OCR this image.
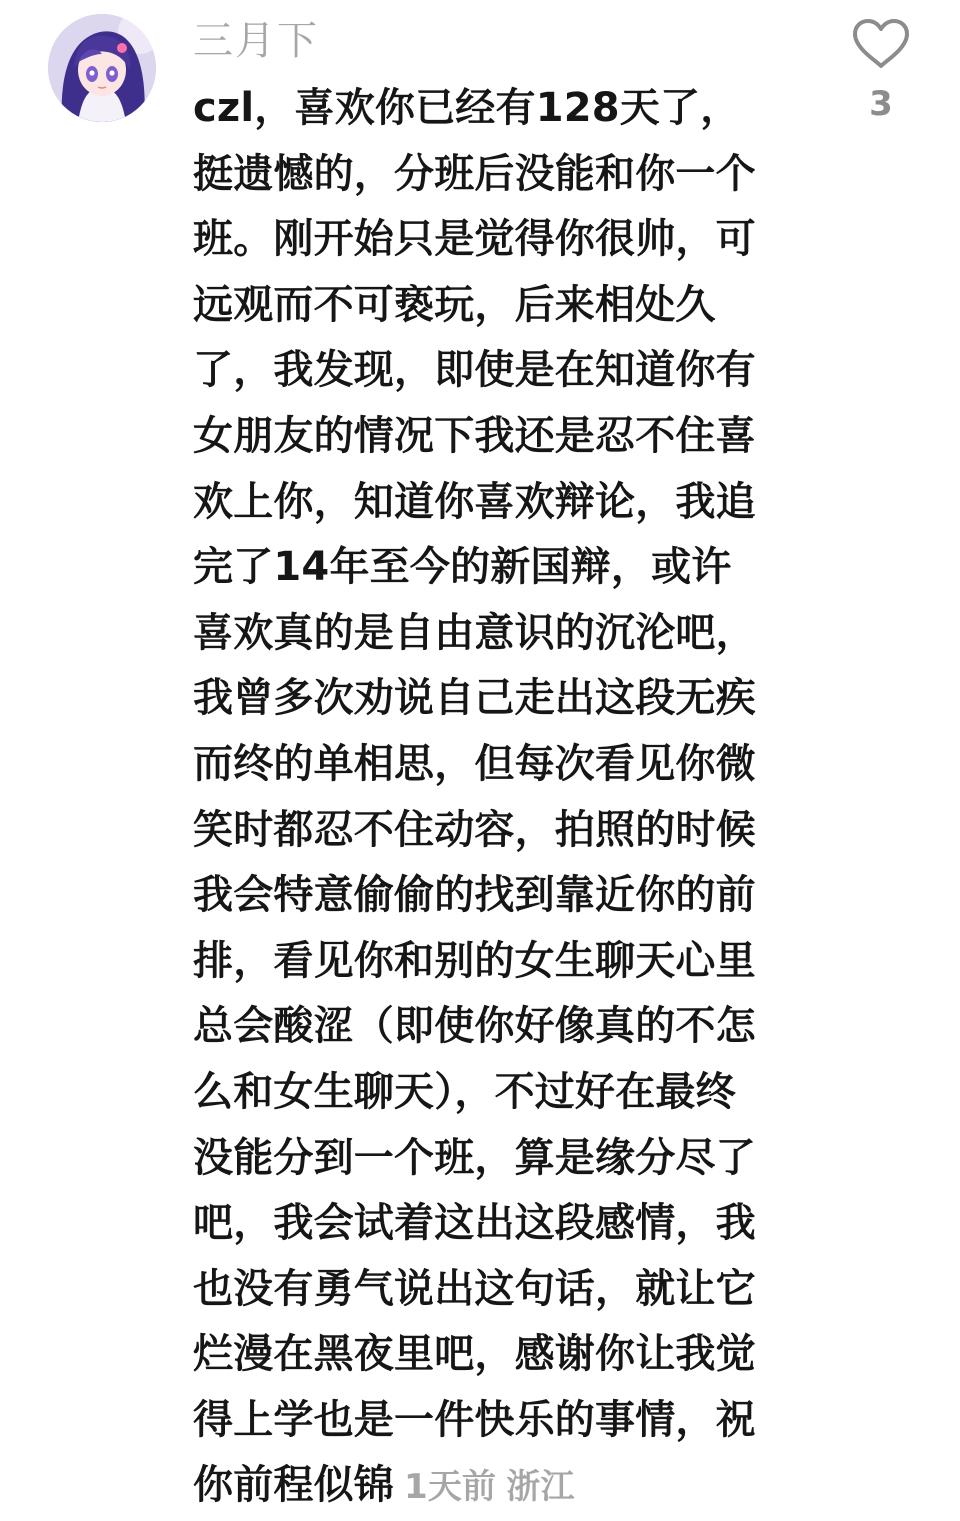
三月下

czl，喜欢你已经有128天了，
挺遗憾的，分班后没能和你一个
班。刚开始只是觉得你很帅，可
远观而不可亵玩，后来相处久
了，我发现，即使是在知道你有
女朋友的情况下我还是忍不住喜
欢上你，知道你喜欢辩论，我追
完了14年至今的新国辩，或许
喜欢真的是自由意识的沉沦吧，
我曾多次劝说自己走出这段无疾
而终的单相思，但每次看见你微
笑时都忍不住动容，拍照的时候
我会特意偷偷的找到靠近你的前
排，看见你和别的女生聊天心里
总会酸涩（即使你好像真的不怎
么和女生聊天），不过好在最终
没能分到一个班，算是缘分尽了
吧，我会试着这出这段感情，我
也没有勇气说出这句话，就让它
烂漫在黑夜里吧，感谢你让我觉
得上学也是一件快乐的事情，祝
你前程似锦 1天前 浙江

3
